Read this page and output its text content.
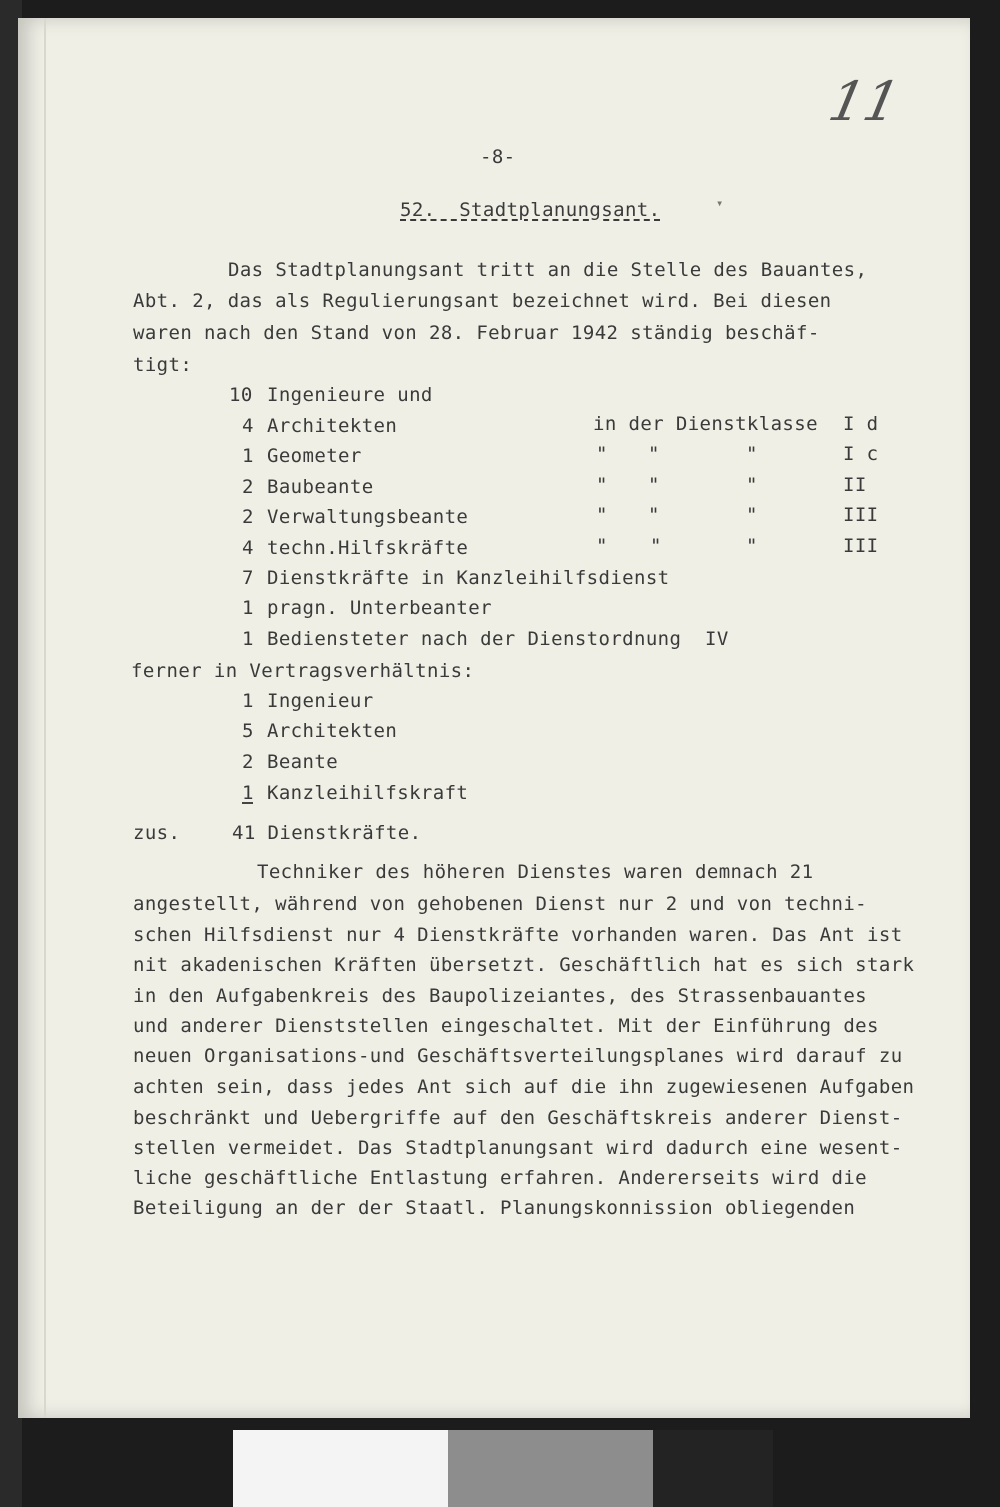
11
-8-
52.  Stadtplanungsant.	▾
Das Stadtplanungsant tritt an die Stelle des Bauantes,
Abt. 2, das als Regulierungsant bezeichnet wird. Bei diesen
waren nach den Stand von 28. Februar 1942 ständig beschäf-
tigt:
10 Ingenieure und
4 Architekten	in der Dienstklasse I d
1 Geometer	" "	"	I c
2 Baubeante	" "	"	II
2 Verwaltungsbeante	" "	"	III
4 techn.Hilfskräfte	" "	"	III
7 Dienstkräfte in Kanzleihilfsdienst
1 pragn. Unterbeanter
1 Bediensteter nach der Dienstordnung  IV
ferner in Vertragsverhältnis:
1 Ingenieur
5 Architekten
2 Beante
1 Kanzleihilfskraft
zus.	41 Dienstkräfte.
Techniker des höheren Dienstes waren demnach 21
angestellt, während von gehobenen Dienst nur 2 und von techni-
schen Hilfsdienst nur 4 Dienstkräfte vorhanden waren. Das Ant ist
nit akadenischen Kräften übersetzt. Geschäftlich hat es sich stark
in den Aufgabenkreis des Baupolizeiantes, des Strassenbauantes
und anderer Dienststellen eingeschaltet. Mit der Einführung des
neuen Organisations-und Geschäftsverteilungsplanes wird darauf zu
achten sein, dass jedes Ant sich auf die ihn zugewiesenen Aufgaben
beschränkt und Uebergriffe auf den Geschäftskreis anderer Dienst-
stellen vermeidet. Das Stadtplanungsant wird dadurch eine wesent-
liche geschäftliche Entlastung erfahren. Andererseits wird die
Beteiligung an der der Staatl. Planungskonnission obliegenden
